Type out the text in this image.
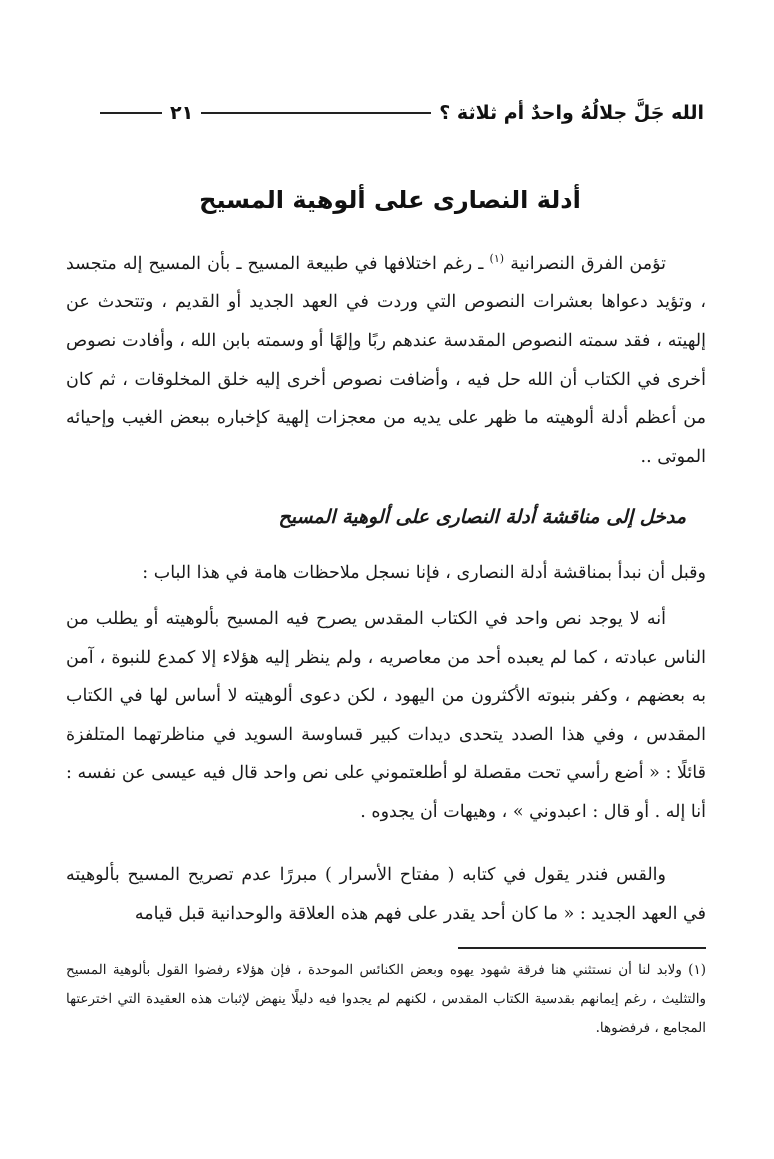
الله جَلَّ جلالُهُ واحدٌ أم ثلاثة ؟
٢١
أدلة النصارى على ألوهية المسيح
تؤمن الفرق النصرانية $^{(١)}$ ـ رغم اختلافها في طبيعة المسيح ـ بأن المسيح إله متجسد ، وتؤيد دعواها بعشرات النصوص التي وردت في العهد الجديد أو القديم ، وتتحدث عن إلهيته ، فقد سمته النصوص المقدسة عندهم ربًا وإلهًا أو وسمته بابن الله ، وأفادت نصوص أخرى في الكتاب أن الله حل فيه ، وأضافت نصوص أخرى إليه خلق المخلوقات ، ثم كان من أعظم أدلة ألوهيته ما ظهر على يديه من معجزات إلهية كإخباره ببعض الغيب وإحيائه الموتى ..
مدخل إلى مناقشة أدلة النصارى على ألوهية المسيح
وقبل أن نبدأ بمناقشة أدلة النصارى ، فإنا نسجل ملاحظات هامة في هذا الباب :
أنه لا يوجد نص واحد في الكتاب المقدس يصرح فيه المسيح بألوهيته أو يطلب من الناس عبادته ، كما لم يعبده أحد من معاصريه ، ولم ينظر إليه هؤلاء إلا كمدع للنبوة ، آمن به بعضهم ، وكفر بنبوته الأكثرون من اليهود ، لكن دعوى ألوهيته لا أساس لها في الكتاب المقدس ، وفي هذا الصدد يتحدى ديدات كبير قساوسة السويد في مناظرتهما المتلفزة قائلًا : « أضع رأسي تحت مقصلة لو أطلعتموني على نص واحد قال فيه عيسى عن نفسه : أنا إله . أو قال : اعبدوني » ، وهيهات أن يجدوه .
والقس فندر يقول في كتابه ( مفتاح الأسرار ) مبررًا عدم تصريح المسيح بألوهيته في العهد الجديد : « ما كان أحد يقدر على فهم هذه العلاقة والوحدانية قبل قيامه
(١) ولابد لنا أن نستثني هنا فرقة شهود يهوه وبعض الكنائس الموحدة ، فإن هؤلاء رفضوا القول بألوهية المسيح والتثليث ، رغم إيمانهم بقدسية الكتاب المقدس ، لكنهم لم يجدوا فيه دليلًا ينهض لإثبات هذه العقيدة التي اخترعتها المجامع ، فرفضوها.
